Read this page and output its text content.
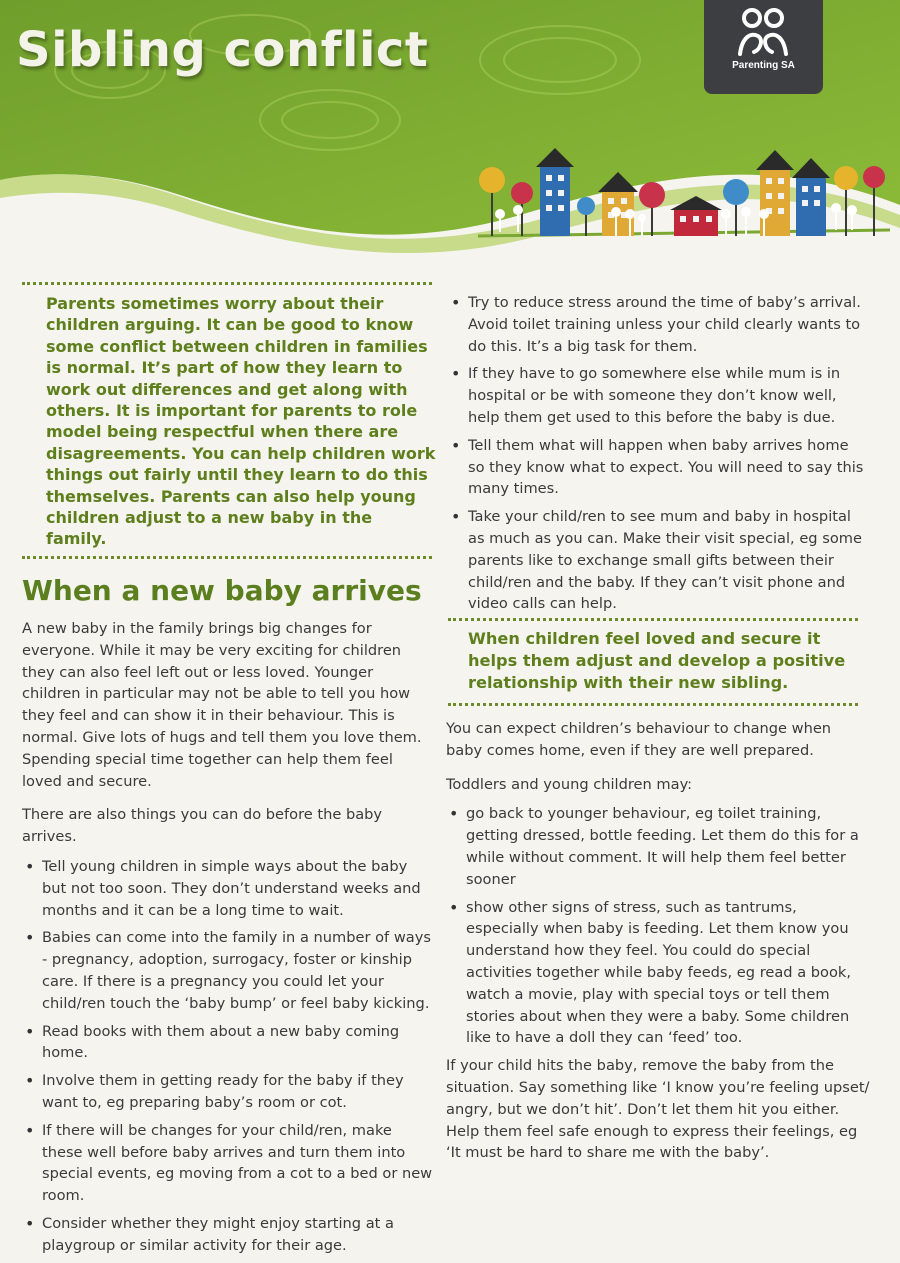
Sibling conflict	Parenting SA

Parents sometimes worry about their children arguing. It can be good to know some conflict between children in families is normal. It’s part of how they learn to work out differences and get along with others. It is important for parents to role model being respectful when there are disagreements. You can help children work things out fairly until they learn to do this themselves. Parents can also help young children adjust to a new baby in the family.

When a new baby arrives

A new baby in the family brings big changes for everyone. While it may be very exciting for children they can also feel left out or less loved. Younger children in particular may not be able to tell you how they feel and can show it in their behaviour. This is normal. Give lots of hugs and tell them you love them. Spending special time together can help them feel loved and secure.

There are also things you can do before the baby arrives.

• Tell young children in simple ways about the baby but not too soon. They don’t understand weeks and months and it can be a long time to wait.
• Babies can come into the family in a number of ways - pregnancy, adoption, surrogacy, foster or kinship care. If there is a pregnancy you could let your child/ren touch the ‘baby bump’ or feel baby kicking.
• Read books with them about a new baby coming home.
• Involve them in getting ready for the baby if they want to, eg preparing baby’s room or cot.
• If there will be changes for your child/ren, make these well before baby arrives and turn them into special events, eg moving from a cot to a bed or new room.
• Consider whether they might enjoy starting at a playgroup or similar activity for their age.
• Try to reduce stress around the time of baby’s arrival. Avoid toilet training unless your child clearly wants to do this. It’s a big task for them.
• If they have to go somewhere else while mum is in hospital or be with someone they don’t know well, help them get used to this before the baby is due.
• Tell them what will happen when baby arrives home so they know what to expect. You will need to say this many times.
• Take your child/ren to see mum and baby in hospital as much as you can. Make their visit special, eg some parents like to exchange small gifts between their child/ren and the baby. If they can’t visit phone and video calls can help.

When children feel loved and secure it helps them adjust and develop a positive relationship with their new sibling.

You can expect children’s behaviour to change when baby comes home, even if they are well prepared.

Toddlers and young children may:

• go back to younger behaviour, eg toilet training, getting dressed, bottle feeding. Let them do this for a while without comment. It will help them feel better sooner
• show other signs of stress, such as tantrums, especially when baby is feeding. Let them know you understand how they feel. You could do special activities together while baby feeds, eg read a book, watch a movie, play with special toys or tell them stories about when they were a baby. Some children like to have a doll they can ‘feed’ too.

If your child hits the baby, remove the baby from the situation. Say something like ‘I know you’re feeling upset/ angry, but we don’t hit’. Don’t let them hit you either. Help them feel safe enough to express their feelings, eg ‘It must be hard to share me with the baby’.
